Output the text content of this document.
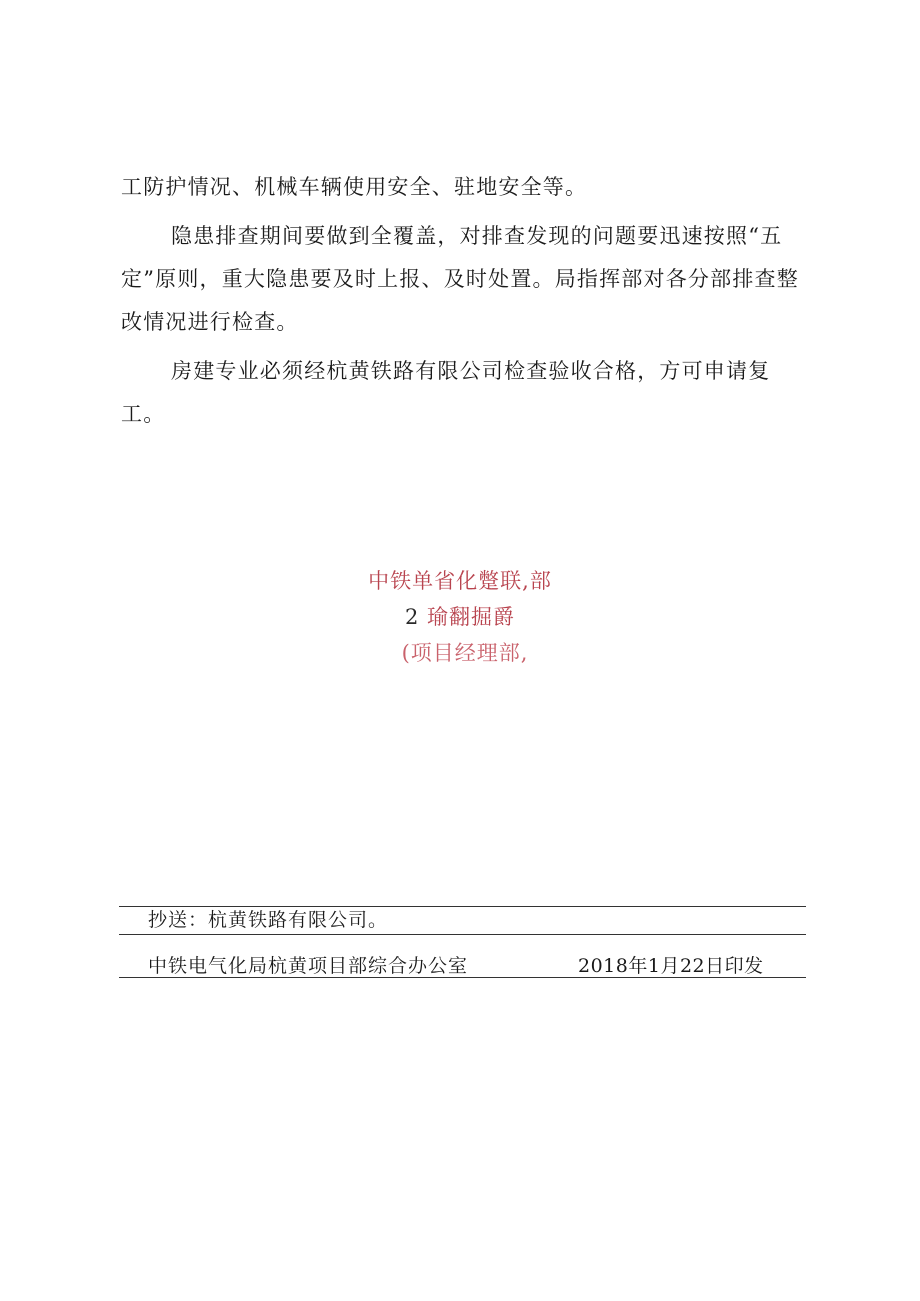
工防护情况、机械车辆使用安全、驻地安全等。

隐患排查期间要做到全覆盖，对排查发现的问题要迅速按照“五定”原则，重大隐患要及时上报、及时处置。局指挥部对各分部排查整改情况进行检查。

房建专业必须经杭黄铁路有限公司检查验收合格，方可申请复工。

中铁单省化蹩联,部
2 瑜翻掘爵
(项目经理部,
抄送：杭黄铁路有限公司。
中铁电气化局杭黄项目部综合办公室	2018年1月22日印发
